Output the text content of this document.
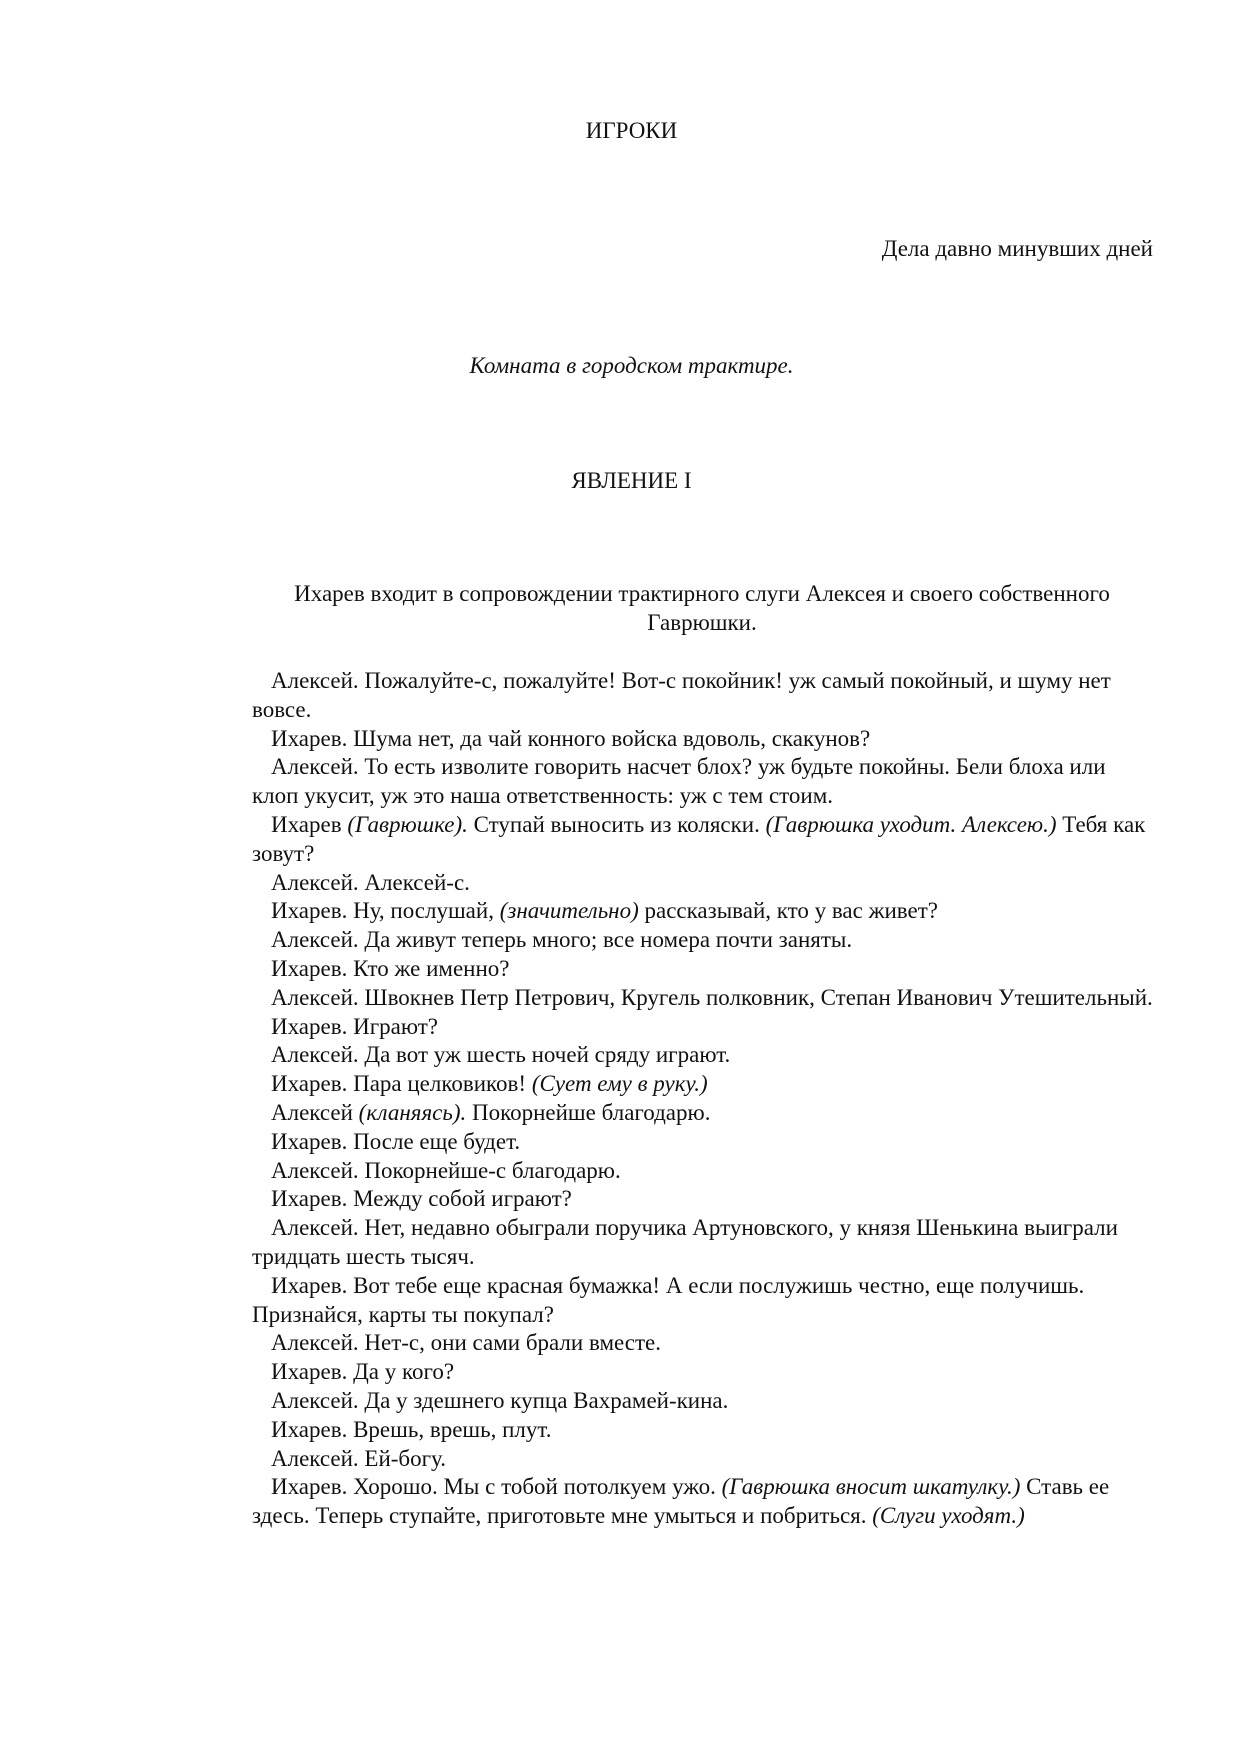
ИГРОКИ
Дела давно минувших дней
Комната в городском трактире.
ЯВЛЕНИЕ I
Ихарев входит в сопровождении трактирного слуги Алексея и своего собственного Гаврюшки.

Алексей. Пожалуйте-с, пожалуйте! Вот-с покойник! уж самый покойный, и шуму нет вовсе.

Ихарев. Шума нет, да чай конного войска вдоволь, скакунов?

Алексей. То есть изволите говорить насчет блох? уж будьте покойны. Бели блоха или клоп укусит, уж это наша ответственность: уж с тем стоим.

Ихарев (Гаврюшке). Ступай выносить из коляски. (Гаврюшка уходит. Алексею.) Тебя как зовут?

Алексей. Алексей-с.

Ихарев. Ну, послушай, (значительно) рассказывай, кто у вас живет?

Алексей. Да живут теперь много; все номера почти заняты.

Ихарев. Кто же именно?

Алексей. Швокнев Петр Петрович, Кругель полковник, Степан Иванович Утешительный.

Ихарев. Играют?

Алексей. Да вот уж шесть ночей сряду играют.

Ихарев. Пара целковиков! (Сует ему в руку.)

Алексей (кланяясь). Покорнейше благодарю.

Ихарев. После еще будет.

Алексей. Покорнейше-с благодарю.

Ихарев. Между собой играют?

Алексей. Нет, недавно обыграли поручика Артуновского, у князя Шенькина выиграли тридцать шесть тысяч.

Ихарев. Вот тебе еще красная бумажка! А если послужишь честно, еще получишь. Признайся, карты ты покупал?

Алексей. Нет-с, они сами брали вместе.

Ихарев. Да у кого?

Алексей. Да у здешнего купца Вахрамей-кина.

Ихарев. Врешь, врешь, плут.

Алексей. Ей-богу.

Ихарев. Хорошо. Мы с тобой потолкуем ужо. (Гаврюшка вносит шкатулку.) Ставь ее здесь. Теперь ступайте, приготовьте мне умыться и побриться. (Слуги уходят.)
